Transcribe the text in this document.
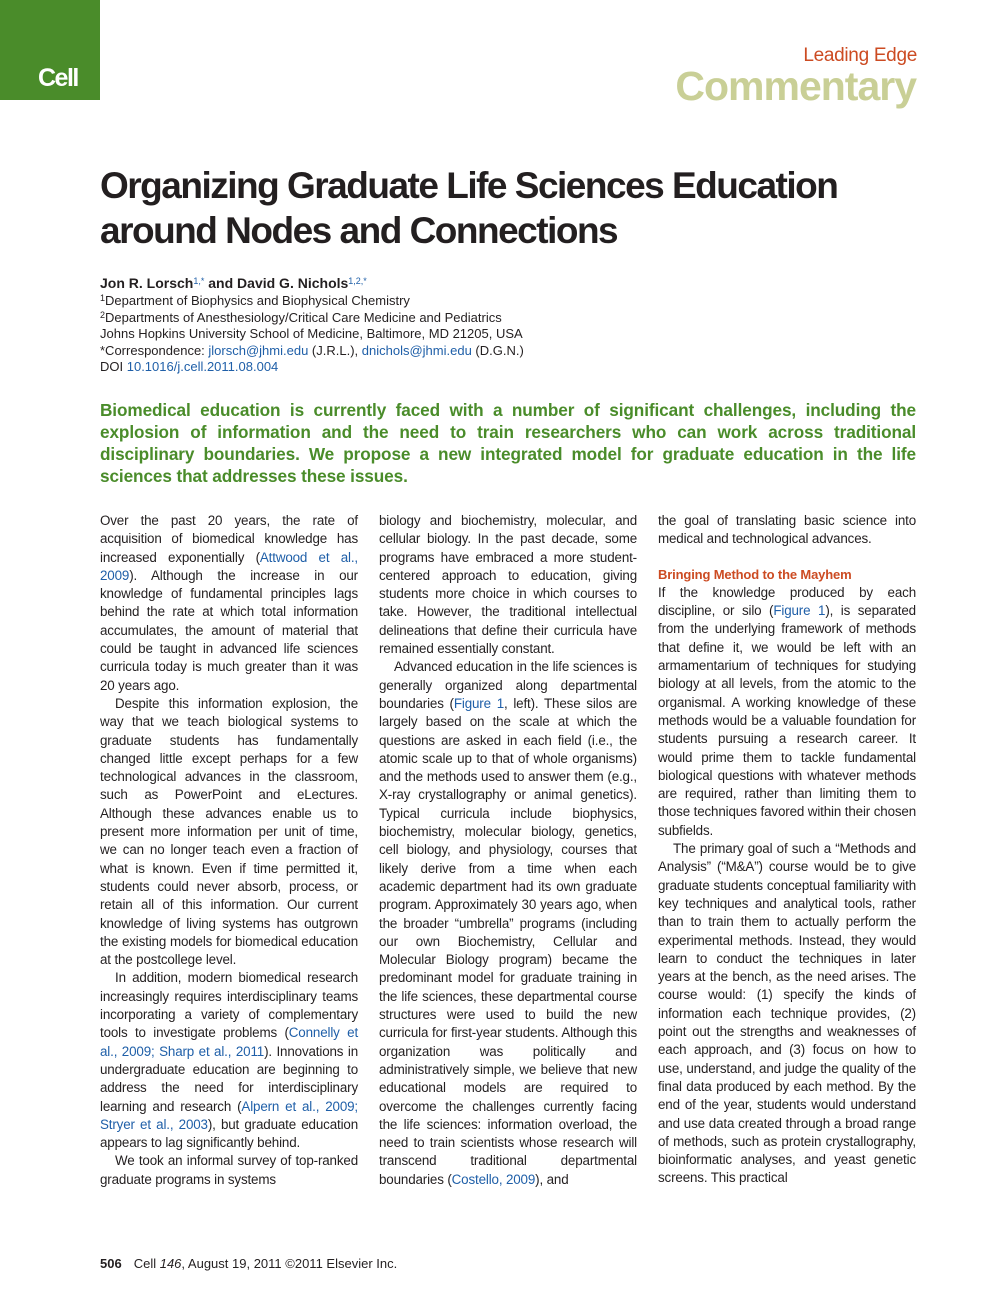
Cell
Leading Edge
Commentary
Organizing Graduate Life Sciences Education around Nodes and Connections
Jon R. Lorsch$^{1,*}$ and David G. Nichols$^{1,2,*}$
$^1$Department of Biophysics and Biophysical Chemistry
$^2$Departments of Anesthesiology/Critical Care Medicine and Pediatrics
Johns Hopkins University School of Medicine, Baltimore, MD 21205, USA
*Correspondence: jlorsch@jhmi.edu (J.R.L.), dnichols@jhmi.edu (D.G.N.)
DOI 10.1016/j.cell.2011.08.004

Biomedical education is currently faced with a number of significant challenges, including the explosion of information and the need to train researchers who can work across traditional disciplinary boundaries. We propose a new integrated model for graduate education in the life sciences that addresses these issues.

Over the past 20 years, the rate of acquisition of biomedical knowledge has increased exponentially (Attwood et al., 2009). Although the increase in our knowledge of fundamental principles lags behind the rate at which total information accumulates, the amount of material that could be taught in advanced life sciences curricula today is much greater than it was 20 years ago.

Despite this information explosion, the way that we teach biological systems to graduate students has fundamentally changed little except perhaps for a few technological advances in the classroom, such as PowerPoint and eLectures. Although these advances enable us to present more information per unit of time, we can no longer teach even a fraction of what is known. Even if time permitted it, students could never absorb, process, or retain all of this information. Our current knowledge of living systems has outgrown the existing models for biomedical education at the postcollege level.

In addition, modern biomedical research increasingly requires interdisciplinary teams incorporating a variety of complementary tools to investigate problems (Connelly et al., 2009; Sharp et al., 2011). Innovations in undergraduate education are beginning to address the need for interdisciplinary learning and research (Alpern et al., 2009; Stryer et al., 2003), but graduate education appears to lag significantly behind.

We took an informal survey of top-ranked graduate programs in systems

biology and biochemistry, molecular, and cellular biology. In the past decade, some programs have embraced a more student-centered approach to education, giving students more choice in which courses to take. However, the traditional intellectual delineations that define their curricula have remained essentially constant.

Advanced education in the life sciences is generally organized along departmental boundaries (Figure 1, left). These silos are largely based on the scale at which the questions are asked in each field (i.e., the atomic scale up to that of whole organisms) and the methods used to answer them (e.g., X-ray crystallography or animal genetics). Typical curricula include biophysics, biochemistry, molecular biology, genetics, cell biology, and physiology, courses that likely derive from a time when each academic department had its own graduate program. Approximately 30 years ago, when the broader “umbrella” programs (including our own Biochemistry, Cellular and Molecular Biology program) became the predominant model for graduate training in the life sciences, these departmental course structures were used to build the new curricula for first-year students. Although this organization was politically and administratively simple, we believe that new educational models are required to overcome the challenges currently facing the life sciences: information overload, the need to train scientists whose research will transcend traditional departmental boundaries (Costello, 2009), and

the goal of translating basic science into medical and technological advances.

Bringing Method to the Mayhem

If the knowledge produced by each discipline, or silo (Figure 1), is separated from the underlying framework of methods that define it, we would be left with an armamentarium of techniques for studying biology at all levels, from the atomic to the organismal. A working knowledge of these methods would be a valuable foundation for students pursuing a research career. It would prime them to tackle fundamental biological questions with whatever methods are required, rather than limiting them to those techniques favored within their chosen subfields.

The primary goal of such a “Methods and Analysis” (“M&A”) course would be to give graduate students conceptual familiarity with key techniques and analytical tools, rather than to train them to actually perform the experimental methods. Instead, they would learn to conduct the techniques in later years at the bench, as the need arises. The course would: (1) specify the kinds of information each technique provides, (2) point out the strengths and weaknesses of each approach, and (3) focus on how to use, understand, and judge the quality of the final data produced by each method. By the end of the year, students would understand and use data created through a broad range of methods, such as protein crystallography, bioinformatic analyses, and yeast genetic screens. This practical

506 Cell 146, August 19, 2011 ©2011 Elsevier Inc.
